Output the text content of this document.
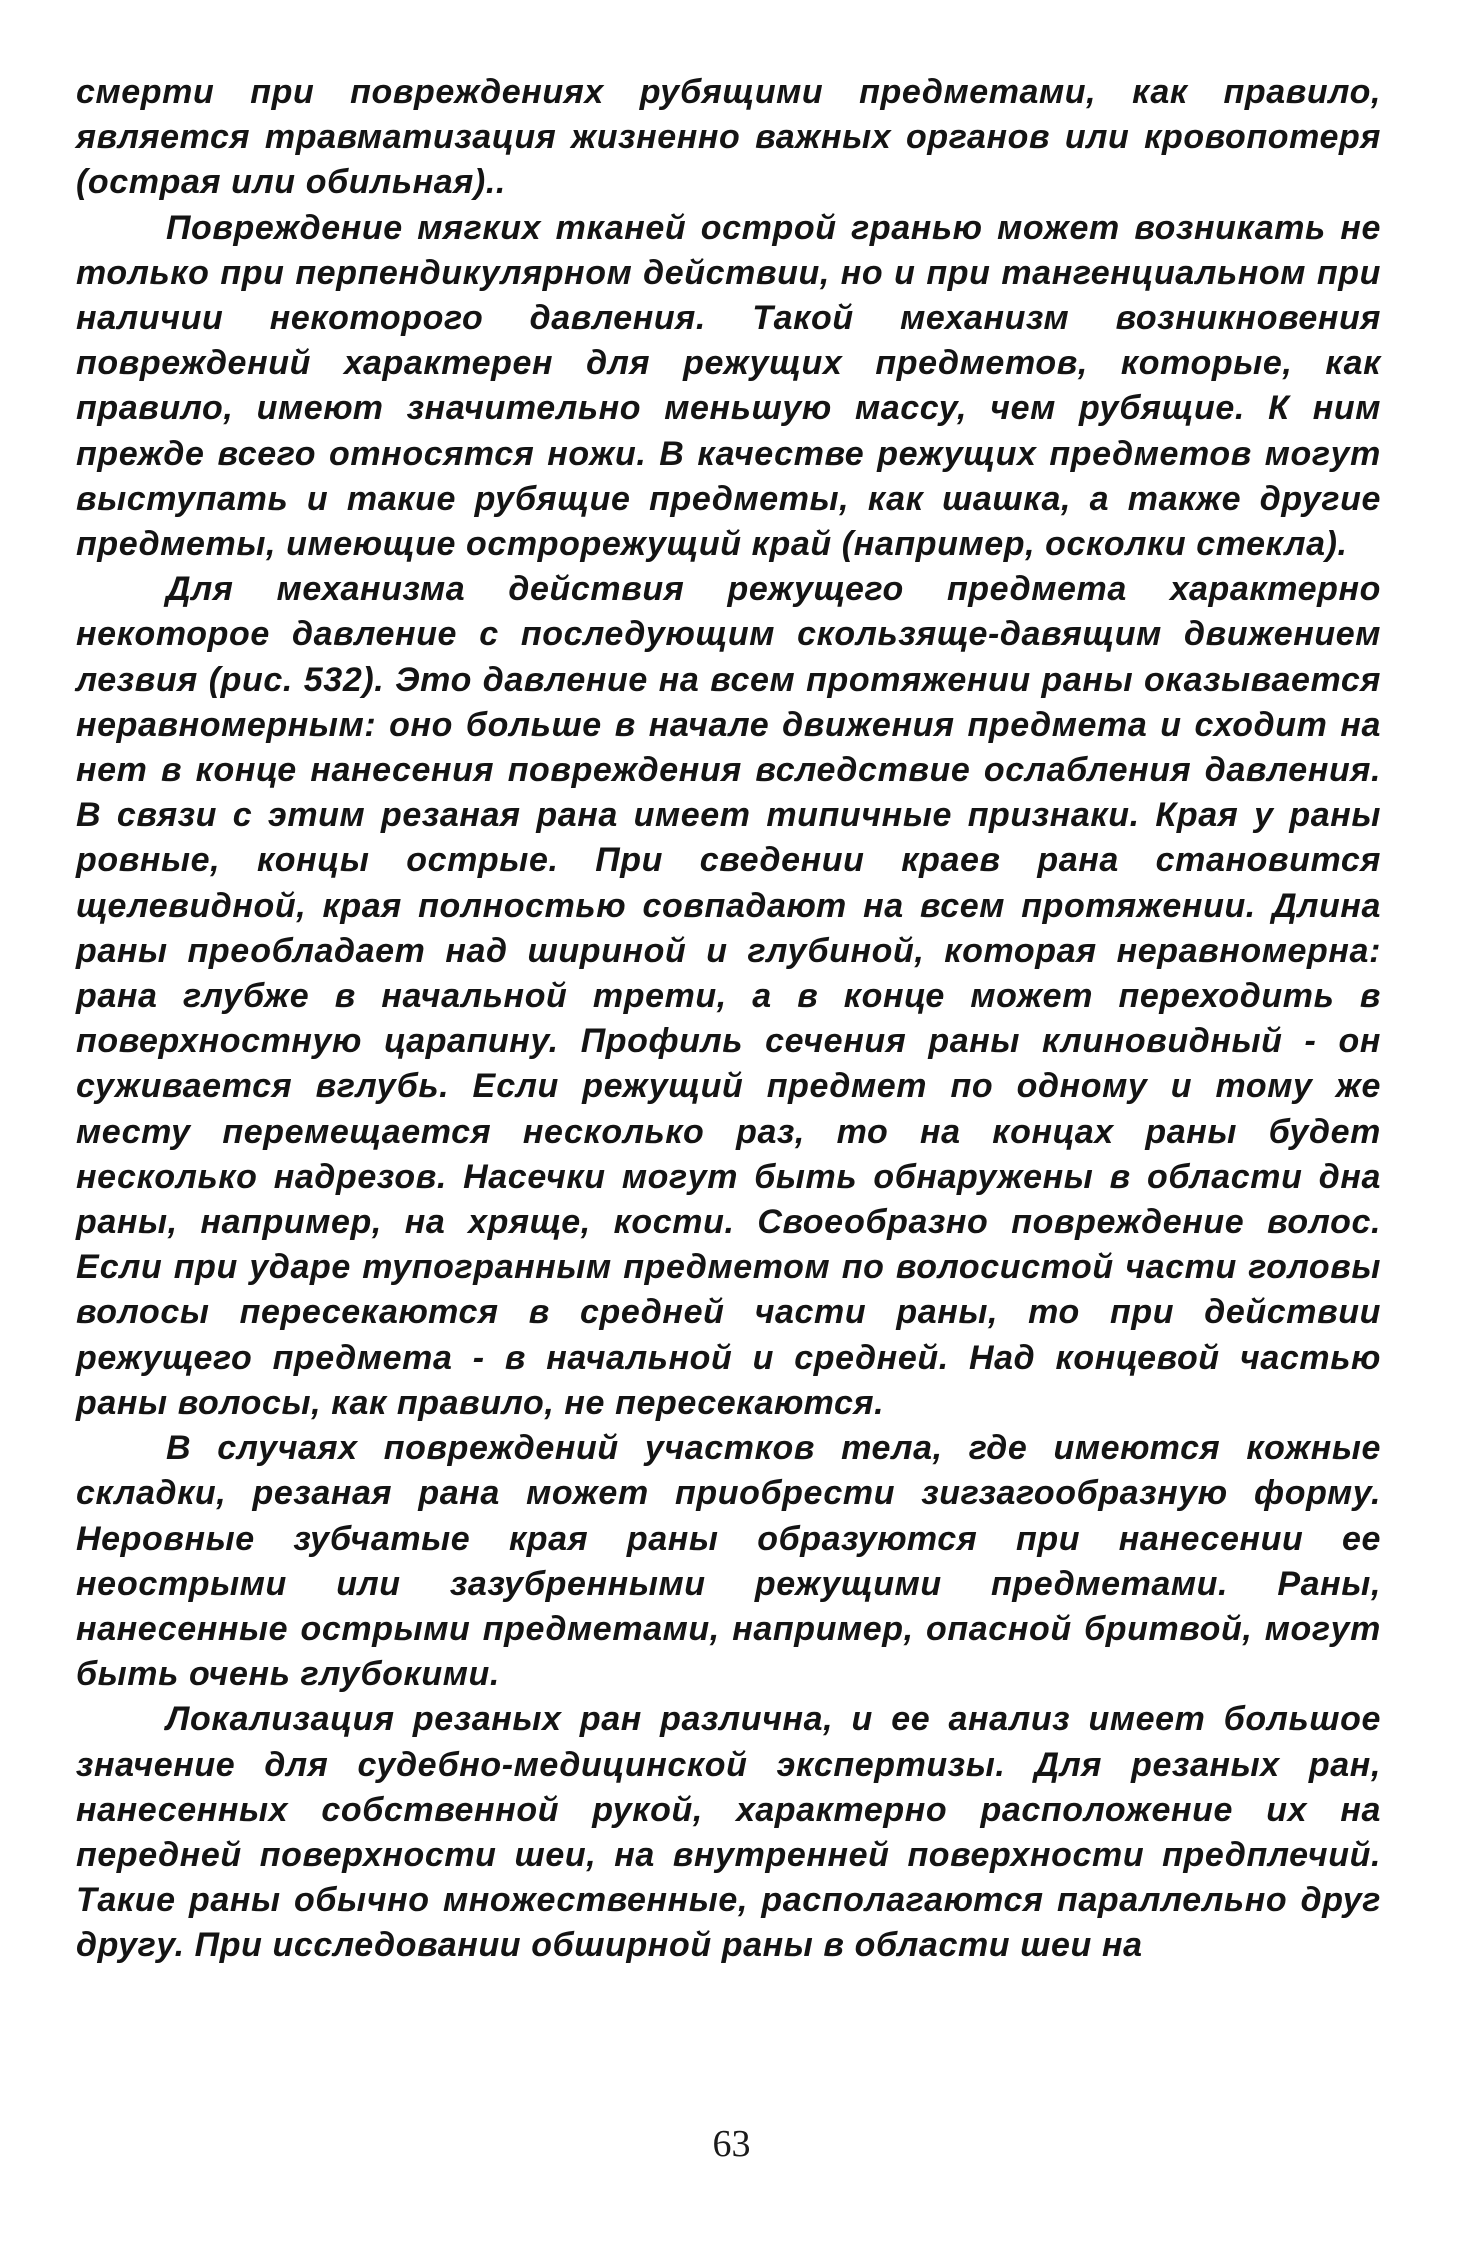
смерти при повреждениях рубящими предметами, как правило, является травматизация жизненно важных органов или кровопотеря (острая или обильная)..

Повреждение мягких тканей острой гранью может возникать не только при перпендикулярном действии, но и при тангенциальном при наличии некоторого давления. Такой механизм возникновения повреждений характерен для режущих предметов, которые, как правило, имеют значительно меньшую массу, чем рубящие. К ним прежде всего относятся ножи. В качестве режущих предметов могут выступать и такие рубящие предметы, как шашка, а также другие предметы, имеющие острорежущий край (например, осколки стекла).

Для механизма действия режущего предмета характерно некоторое давление с последующим скользяще-давящим движением лезвия (рис. 532). Это давление на всем протяжении раны оказывается неравномерным: оно больше в начале движения предмета и сходит на нет в конце нанесения повреждения вследствие ослабления давления. В связи с этим резаная рана имеет типичные признаки. Края у раны ровные, концы острые. При сведении краев рана становится щелевидной, края полностью совпадают на всем протяжении. Длина раны преобладает над шириной и глубиной, которая неравномерна: рана глубже в начальной трети, а в конце может переходить в поверхностную царапину. Профиль сечения раны клиновидный - он суживается вглубь. Если режущий предмет по одному и тому же месту перемещается несколько раз, то на концах раны будет несколько надрезов. Насечки могут быть обнаружены в области дна раны, например, на хряще, кости. Своеобразно повреждение волос. Если при ударе тупогранным предметом по волосистой части головы волосы пересекаются в средней части раны, то при действии режущего предмета - в начальной и средней. Над концевой частью раны волосы, как правило, не пересекаются.

В случаях повреждений участков тела, где имеются кожные складки, резаная рана может приобрести зигзагообразную форму. Неровные зубчатые края раны образуются при нанесении ее неострыми или зазубренными режущими предметами. Раны, нанесенные острыми предметами, например, опасной бритвой, могут быть очень глубокими.

Локализация резаных ран различна, и ее анализ имеет большое значение для судебно-медицинской экспертизы. Для резаных ран, нанесенных собственной рукой, характерно расположение их на передней поверхности шеи, на внутренней поверхности предплечий. Такие раны обычно множественные, располагаются параллельно друг другу. При исследовании обширной раны в области шеи на

63
